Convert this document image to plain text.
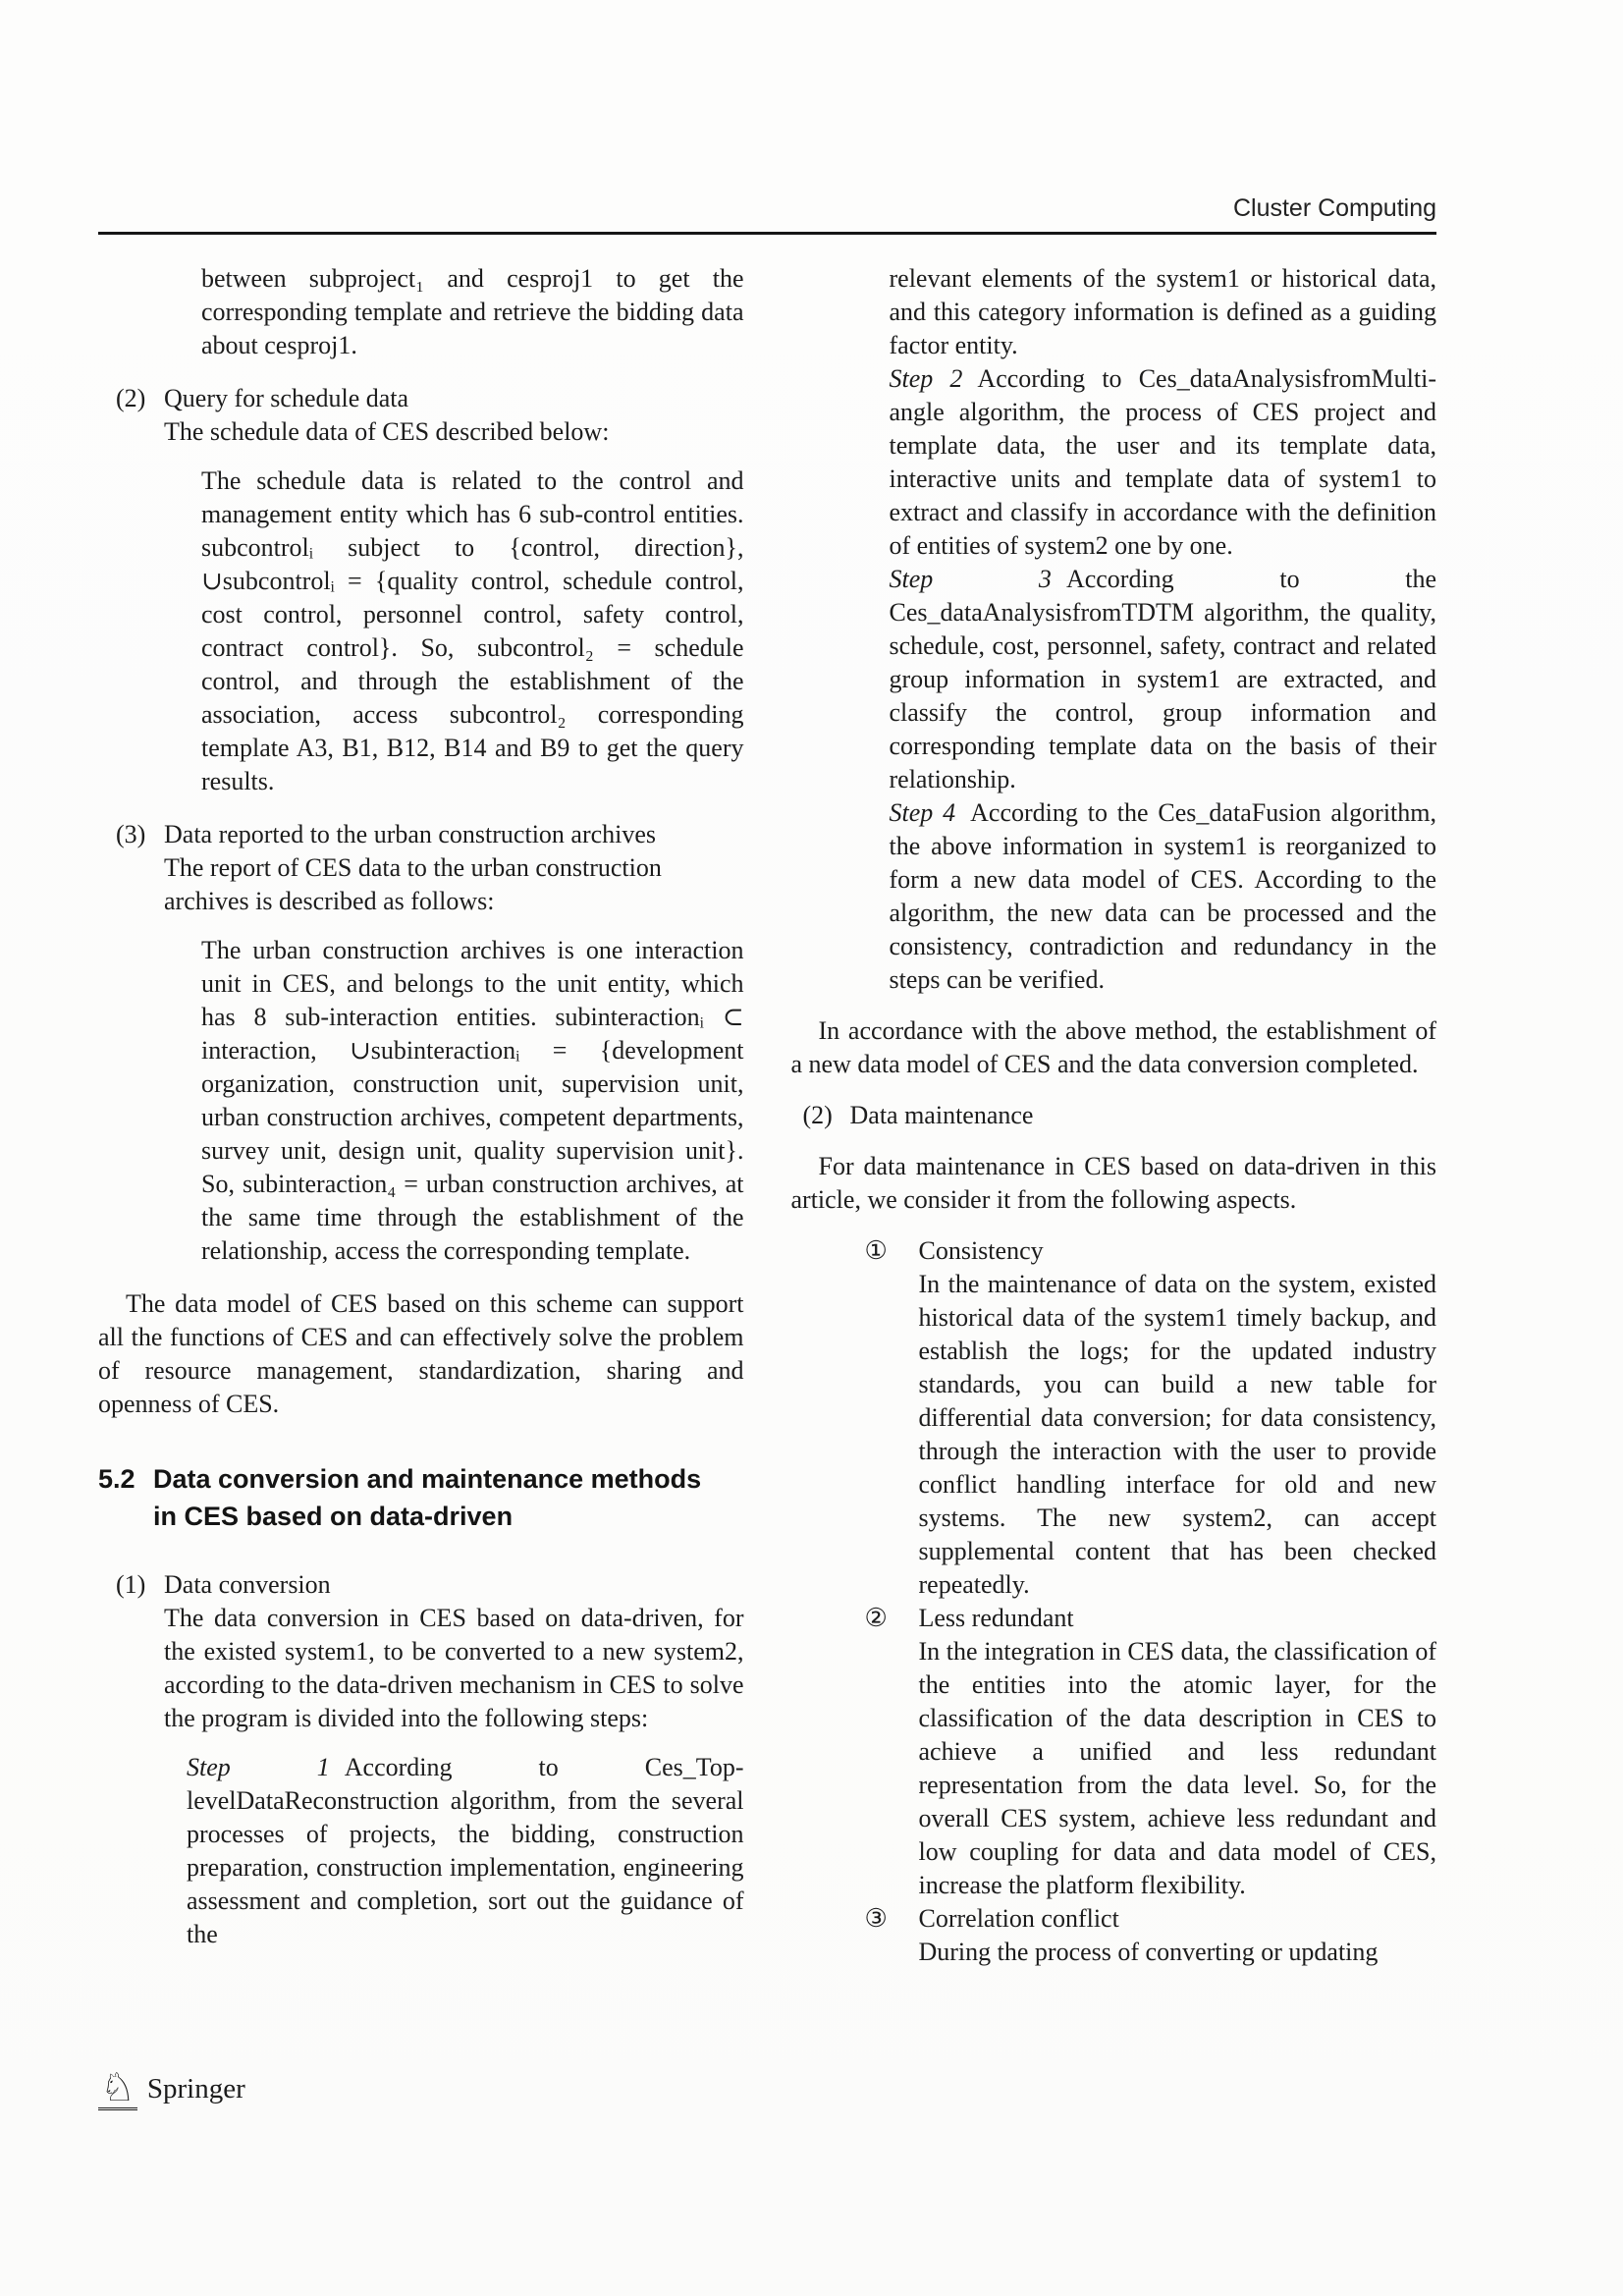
Cluster Computing

between subproject₁ and cesproj1 to get the corresponding template and retrieve the bidding data about cesproj1.

(2) Query for schedule data

The schedule data of CES described below:

The schedule data is related to the control and management entity which has 6 sub-control entities. subcontrolᵢ subject to {control, direction}, ∪subcontrolᵢ = {quality control, schedule control, cost control, personnel control, safety control, contract control}. So, subcontrol₂ = schedule control, and through the establishment of the association, access subcontrol₂ corresponding template A3, B1, B12, B14 and B9 to get the query results.

(3) Data reported to the urban construction archives

The report of CES data to the urban construction archives is described as follows:

The urban construction archives is one interaction unit in CES, and belongs to the unit entity, which has 8 sub-interaction entities. subinteractionᵢ ⊂ interaction, ∪subinteractionᵢ = {development organization, construction unit, supervision unit, urban construction archives, competent departments, survey unit, design unit, quality supervision unit}. So, subinteraction₄ = urban construction archives, at the same time through the establishment of the relationship, access the corresponding template.

The data model of CES based on this scheme can support all the functions of CES and can effectively solve the problem of resource management, standardization, sharing and openness of CES.

5.2 Data conversion and maintenance methods
in CES based on data-driven
(1) Data conversion

The data conversion in CES based on data-driven, for the existed system1, to be converted to a new system2, according to the data-driven mechanism in CES to solve the program is divided into the following steps:

Step 1 According to Ces_Top-levelDataReconstruction algorithm, from the several processes of projects, the bidding, construction preparation, construction implementation, engineering assessment and completion, sort out the guidance of the

relevant elements of the system1 or historical data, and this category information is defined as a guiding factor entity.

Step 2 According to Ces_dataAnalysisfromMulti-angle algorithm, the process of CES project and template data, the user and its template data, interactive units and template data of system1 to extract and classify in accordance with the definition of entities of system2 one by one.

Step 3 According to the Ces_dataAnalysisfromTDTM algorithm, the quality, schedule, cost, personnel, safety, contract and related group information in system1 are extracted, and classify the control, group information and corresponding template data on the basis of their relationship.

Step 4 According to the Ces_dataFusion algorithm, the above information in system1 is reorganized to form a new data model of CES. According to the algorithm, the new data can be processed and the consistency, contradiction and redundancy in the steps can be verified.

In accordance with the above method, the establishment of a new data model of CES and the data conversion completed.

(2) Data maintenance

For data maintenance in CES based on data-driven in this article, we consider it from the following aspects.

①	Consistency

In the maintenance of data on the system, existed historical data of the system1 timely backup, and establish the logs; for the updated industry standards, you can build a new table for differential data conversion; for data consistency, through the interaction with the user to provide conflict handling interface for old and new systems. The new system2, can accept supplemental content that has been checked repeatedly.

②	Less redundant

In the integration in CES data, the classification of the entities into the atomic layer, for the classification of the data description in CES to achieve a unified and less redundant representation from the data level. So, for the overall CES system, achieve less redundant and low coupling for data and data model of CES, increase the platform flexibility.

③	Correlation conflict

During the process of converting or updating

♘ Springer
